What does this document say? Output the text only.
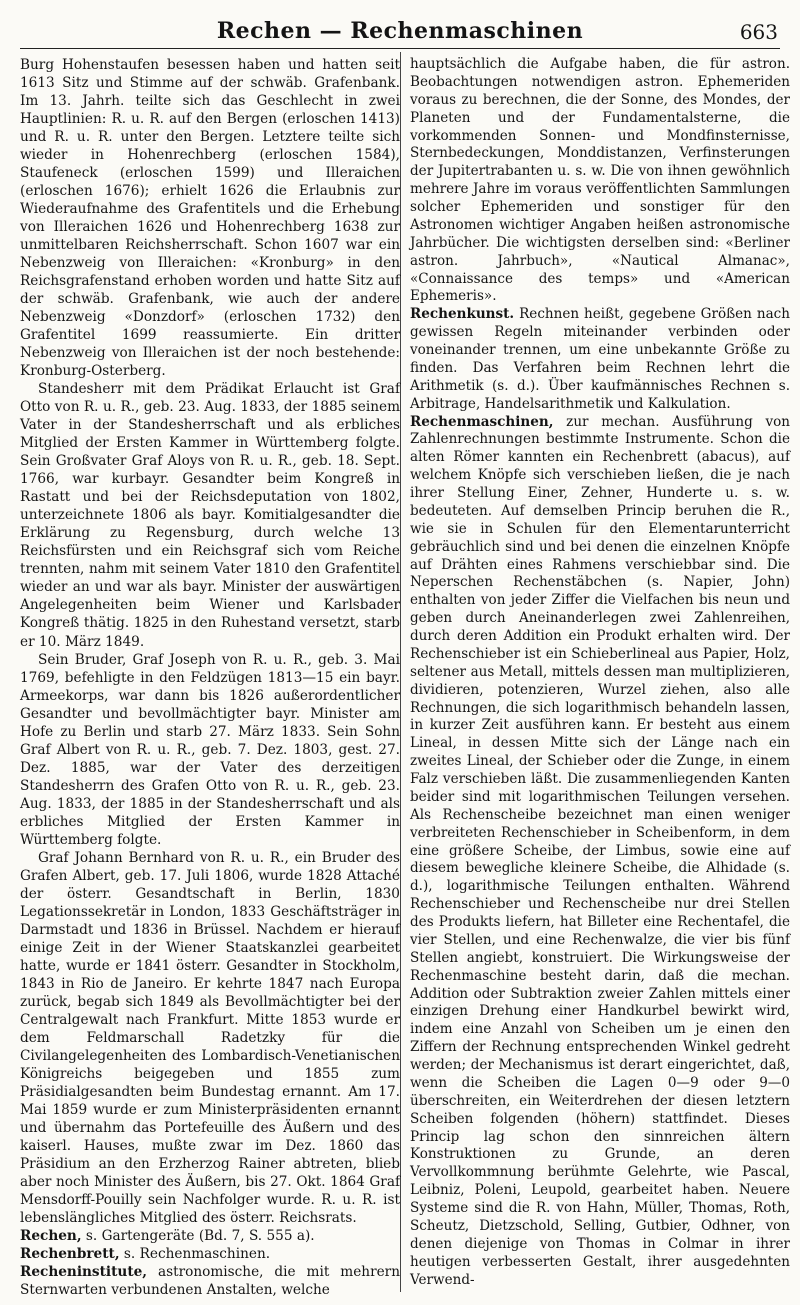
Rechen — Rechenmaschinen	663

Burg Hohenstaufen besessen haben und hatten seit 1613 Sitz und Stimme auf der schwäb. Grafenbank. Im 13. Jahrh. teilte sich das Geschlecht in zwei Hauptlinien: R. u. R. auf den Bergen (erloschen 1413) und R. u. R. unter den Bergen. Letztere teilte sich wieder in Hohenrechberg (erloschen 1584), Staufeneck (erloschen 1599) und Illeraichen (erloschen 1676); erhielt 1626 die Erlaubnis zur Wiederaufnahme des Grafentitels und die Erhebung von Illeraichen 1626 und Hohenrechberg 1638 zur unmittelbaren Reichsherrschaft. Schon 1607 war ein Nebenzweig von Illeraichen: «Kronburg» in den Reichsgrafenstand erhoben worden und hatte Sitz auf der schwäb. Grafenbank, wie auch der andere Nebenzweig «Donzdorf» (erloschen 1732) den Grafentitel 1699 reassumierte. Ein dritter Nebenzweig von Illeraichen ist der noch bestehende: Kronburg-Osterberg.

Standesherr mit dem Prädikat Erlaucht ist Graf Otto von R. u. R., geb. 23. Aug. 1833, der 1885 seinem Vater in der Standesherrschaft und als erbliches Mitglied der Ersten Kammer in Württemberg folgte. Sein Großvater Graf Aloys von R. u. R., geb. 18. Sept. 1766, war kurbayr. Gesandter beim Kongreß in Rastatt und bei der Reichsdeputation von 1802, unterzeichnete 1806 als bayr. Komitialgesandter die Erklärung zu Regensburg, durch welche 13 Reichsfürsten und ein Reichsgraf sich vom Reiche trennten, nahm mit seinem Vater 1810 den Grafentitel wieder an und war als bayr. Minister der auswärtigen Angelegenheiten beim Wiener und Karlsbader Kongreß thätig. 1825 in den Ruhestand versetzt, starb er 10. März 1849.

Sein Bruder, Graf Joseph von R. u. R., geb. 3. Mai 1769, befehligte in den Feldzügen 1813—15 ein bayr. Armeekorps, war dann bis 1826 außerordentlicher Gesandter und bevollmächtigter bayr. Minister am Hofe zu Berlin und starb 27. März 1833. Sein Sohn Graf Albert von R. u. R., geb. 7. Dez. 1803, gest. 27. Dez. 1885, war der Vater des derzeitigen Standesherrn des Grafen Otto von R. u. R., geb. 23. Aug. 1833, der 1885 in der Standesherrschaft und als erbliches Mitglied der Ersten Kammer in Württemberg folgte.

Graf Johann Bernhard von R. u. R., ein Bruder des Grafen Albert, geb. 17. Juli 1806, wurde 1828 Attaché der österr. Gesandtschaft in Berlin, 1830 Legationssekretär in London, 1833 Geschäftsträger in Darmstadt und 1836 in Brüssel. Nachdem er hierauf einige Zeit in der Wiener Staatskanzlei gearbeitet hatte, wurde er 1841 österr. Gesandter in Stockholm, 1843 in Rio de Janeiro. Er kehrte 1847 nach Europa zurück, begab sich 1849 als Bevollmächtigter bei der Centralgewalt nach Frankfurt. Mitte 1853 wurde er dem Feldmarschall Radetzky für die Civilangelegenheiten des Lombardisch-Venetianischen Königreichs beigegeben und 1855 zum Präsidialgesandten beim Bundestag ernannt. Am 17. Mai 1859 wurde er zum Ministerpräsidenten ernannt und übernahm das Portefeuille des Äußern und des kaiserl. Hauses, mußte zwar im Dez. 1860 das Präsidium an den Erzherzog Rainer abtreten, blieb aber noch Minister des Äußern, bis 27. Okt. 1864 Graf Mensdorff-Pouilly sein Nachfolger wurde. R. u. R. ist lebenslängliches Mitglied des österr. Reichsrats.

Rechen, s. Gartengeräte (Bd. 7, S. 555 a).

Rechenbrett, s. Rechenmaschinen.

Recheninstitute, astronomische, die mit mehrern Sternwarten verbundenen Anstalten, welche

hauptsächlich die Aufgabe haben, die für astron. Beobachtungen notwendigen astron. Ephemeriden voraus zu berechnen, die der Sonne, des Mondes, der Planeten und der Fundamentalsterne, die vorkommenden Sonnen- und Mondfinsternisse, Sternbedeckungen, Monddistanzen, Verfinsterungen der Jupitertrabanten u. s. w. Die von ihnen gewöhnlich mehrere Jahre im voraus veröffentlichten Sammlungen solcher Ephemeriden und sonstiger für den Astronomen wichtiger Angaben heißen astronomische Jahrbücher. Die wichtigsten derselben sind: «Berliner astron. Jahrbuch», «Nautical Almanac», «Connaissance des temps» und «American Ephemeris».

Rechenkunst. Rechnen heißt, gegebene Größen nach gewissen Regeln miteinander verbinden oder voneinander trennen, um eine unbekannte Größe zu finden. Das Verfahren beim Rechnen lehrt die Arithmetik (s. d.). Über kaufmännisches Rechnen s. Arbitrage, Handelsarithmetik und Kalkulation.

Rechenmaschinen, zur mechan. Ausführung von Zahlenrechnungen bestimmte Instrumente. Schon die alten Römer kannten ein Rechenbrett (abacus), auf welchem Knöpfe sich verschieben ließen, die je nach ihrer Stellung Einer, Zehner, Hunderte u. s. w. bedeuteten. Auf demselben Princip beruhen die R., wie sie in Schulen für den Elementarunterricht gebräuchlich sind und bei denen die einzelnen Knöpfe auf Drähten eines Rahmens verschiebbar sind. Die Neperschen Rechenstäbchen (s. Napier, John) enthalten von jeder Ziffer die Vielfachen bis neun und geben durch Aneinanderlegen zwei Zahlenreihen, durch deren Addition ein Produkt erhalten wird. Der Rechenschieber ist ein Schieberlineal aus Papier, Holz, seltener aus Metall, mittels dessen man multiplizieren, dividieren, potenzieren, Wurzel ziehen, also alle Rechnungen, die sich logarithmisch behandeln lassen, in kurzer Zeit ausführen kann. Er besteht aus einem Lineal, in dessen Mitte sich der Länge nach ein zweites Lineal, der Schieber oder die Zunge, in einem Falz verschieben läßt. Die zusammenliegenden Kanten beider sind mit logarithmischen Teilungen versehen. Als Rechenscheibe bezeichnet man einen weniger verbreiteten Rechenschieber in Scheibenform, in dem eine größere Scheibe, der Limbus, sowie eine auf diesem bewegliche kleinere Scheibe, die Alhidade (s. d.), logarithmische Teilungen enthalten. Während Rechenschieber und Rechenscheibe nur drei Stellen des Produkts liefern, hat Billeter eine Rechentafel, die vier Stellen, und eine Rechenwalze, die vier bis fünf Stellen angiebt, konstruiert. Die Wirkungsweise der Rechenmaschine besteht darin, daß die mechan. Addition oder Subtraktion zweier Zahlen mittels einer einzigen Drehung einer Handkurbel bewirkt wird, indem eine Anzahl von Scheiben um je einen den Ziffern der Rechnung entsprechenden Winkel gedreht werden; der Mechanismus ist derart eingerichtet, daß, wenn die Scheiben die Lagen 0—9 oder 9—0 überschreiten, ein Weiterdrehen der diesen letztern Scheiben folgenden (höhern) stattfindet. Dieses Princip lag schon den sinnreichen ältern Konstruktionen zu Grunde, an deren Vervollkommnung berühmte Gelehrte, wie Pascal, Leibniz, Poleni, Leupold, gearbeitet haben. Neuere Systeme sind die R. von Hahn, Müller, Thomas, Roth, Scheutz, Dietzschold, Selling, Gutbier, Odhner, von denen diejenige von Thomas in Colmar in ihrer heutigen verbesserten Gestalt, ihrer ausgedehnten Verwend-
